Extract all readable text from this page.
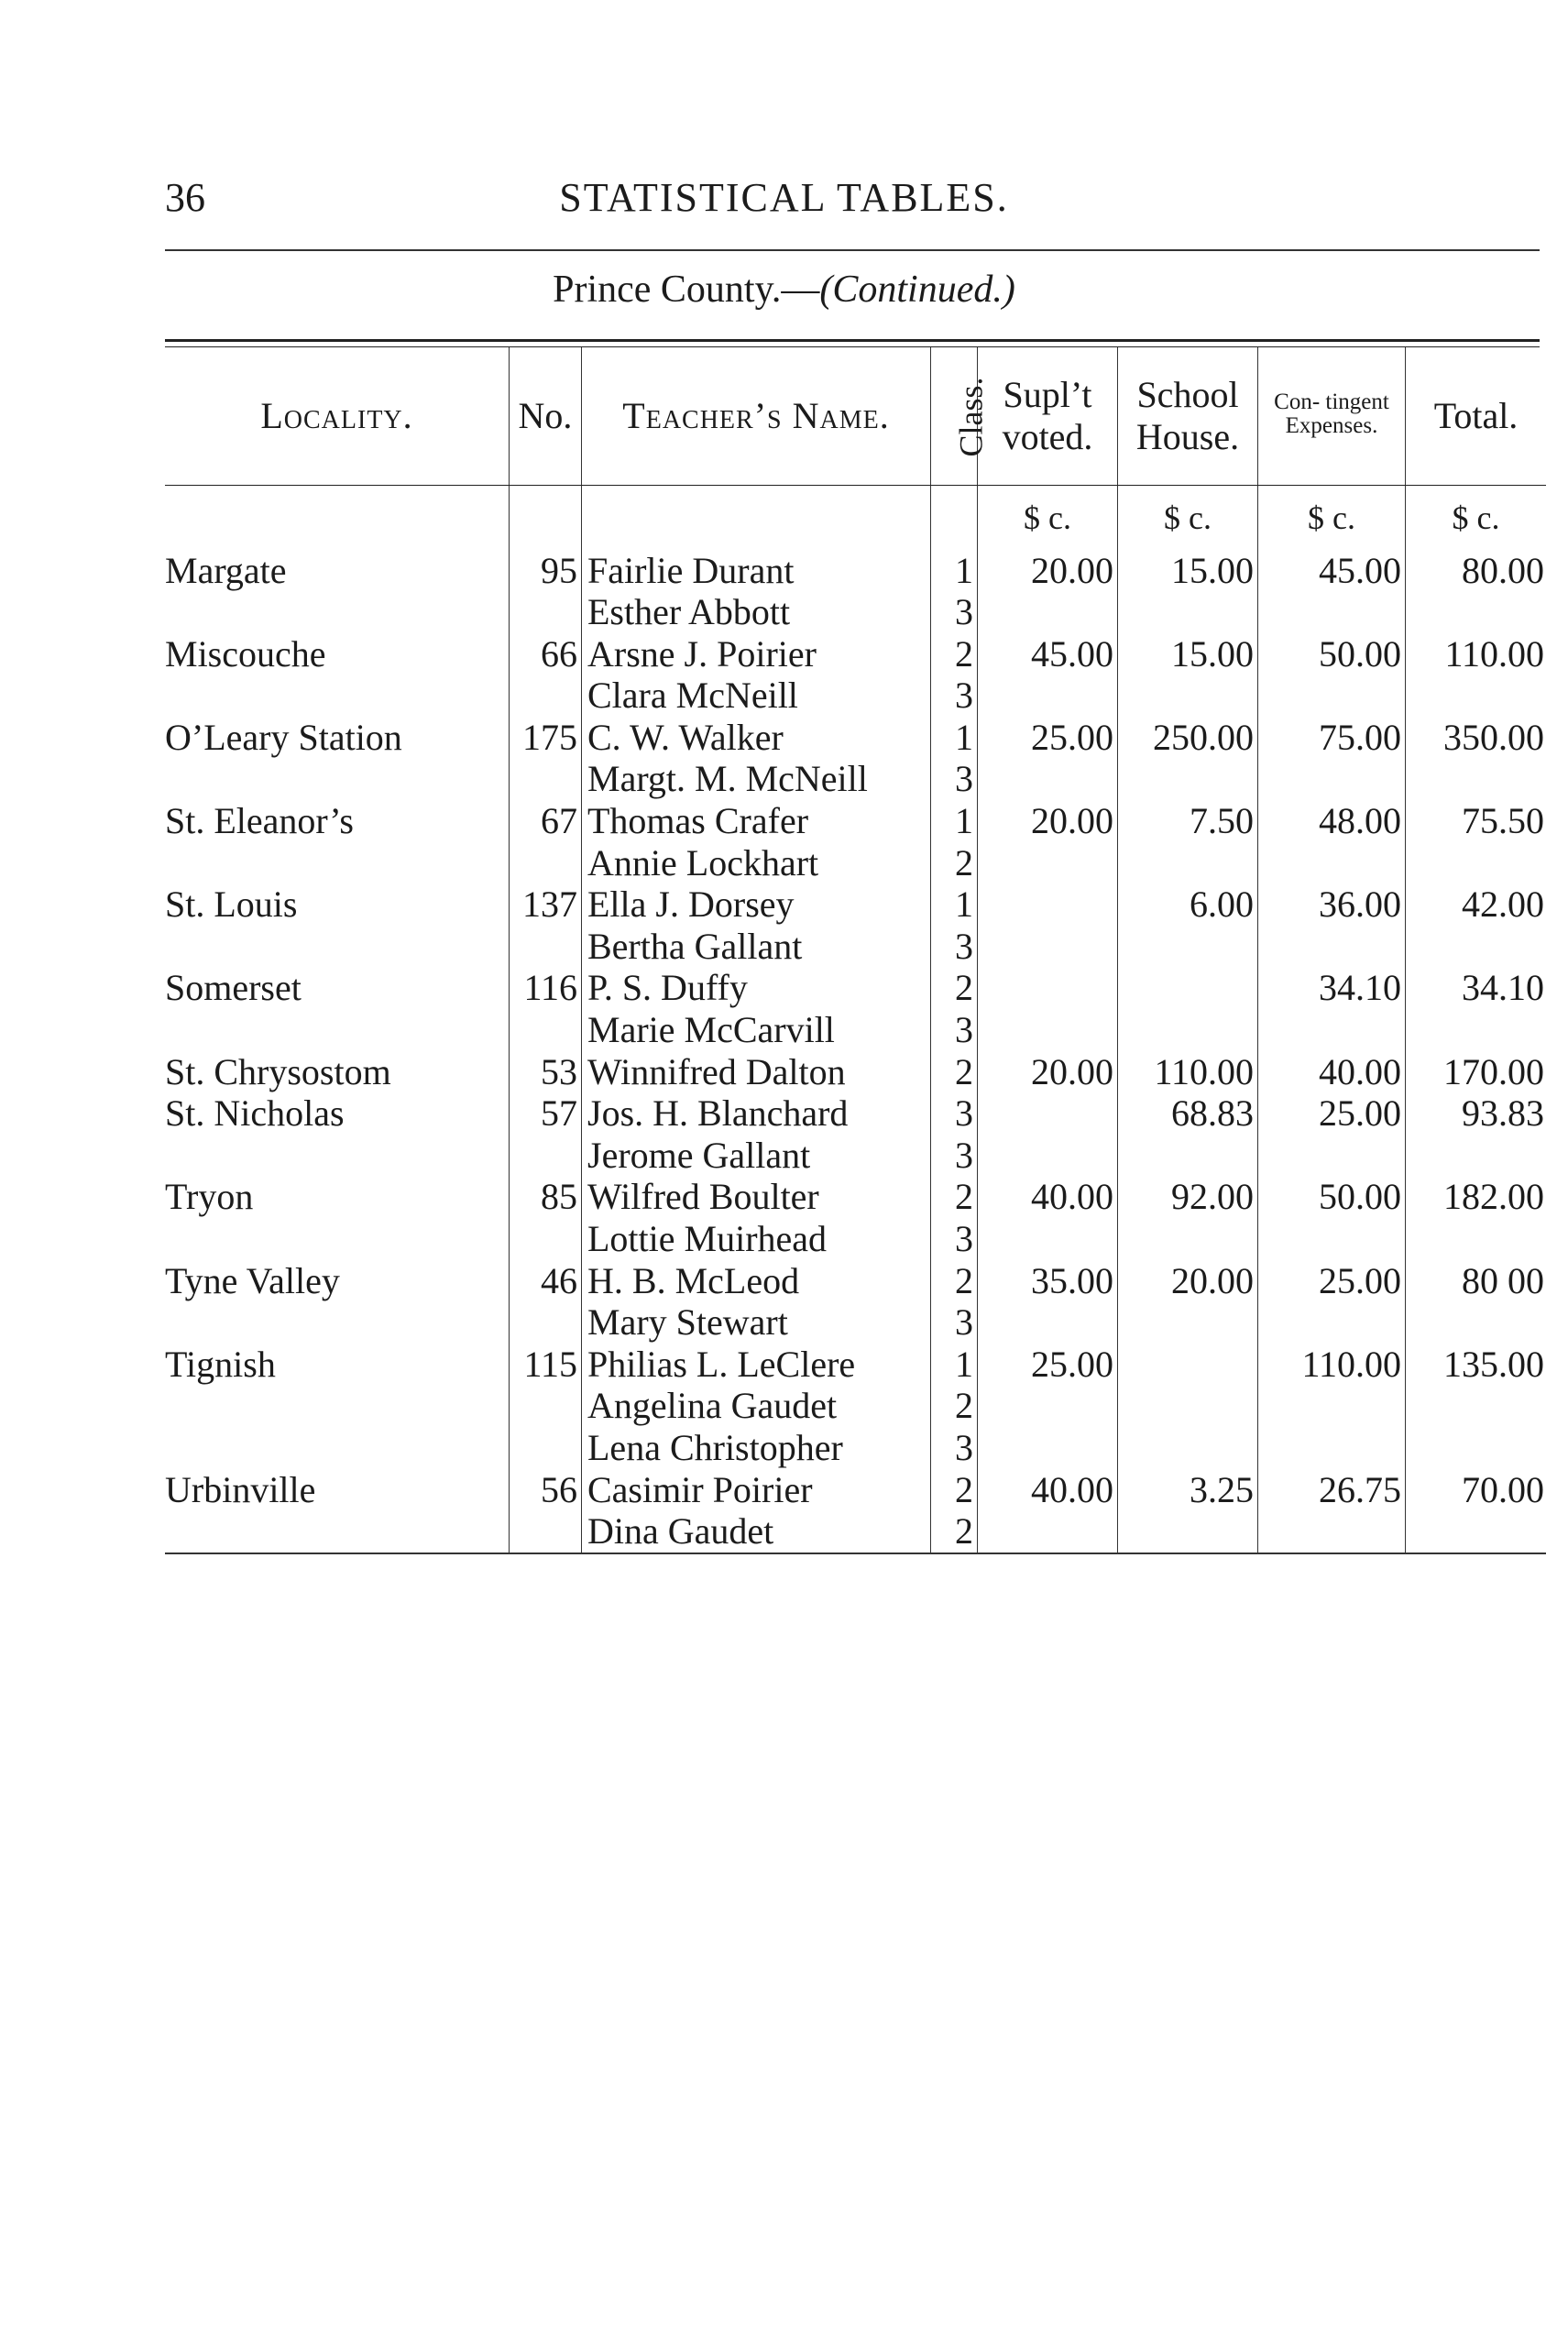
36	STATISTICAL TABLES.
Prince County.—(Continued.)
Locality.	No.	Teacher’s Name.	Class.	Supl’t voted.	School House.	Con- tingent Expenses.	Total.
				$ c.	$ c.	$ c.	$ c.
Margate	95	Fairlie Durant	1	20.00	15.00	45.00	80.00
		Esther Abbott	3				
Miscouche	66	Arsne J. Poirier	2	45.00	15.00	50.00	110.00
		Clara McNeill	3				
O’Leary Station	175	C. W. Walker	1	25.00	250.00	75.00	350.00
		Margt. M. McNeill	3				
St. Eleanor’s	67	Thomas Crafer	1	20.00	7.50	48.00	75.50
		Annie Lockhart	2				
St. Louis	137	Ella J. Dorsey	1		6.00	36.00	42.00
		Bertha Gallant	3				
Somerset	116	P. S. Duffy	2			34.10	34.10
		Marie McCarvill	3				
St. Chrysostom	53	Winnifred Dalton	2	20.00	110.00	40.00	170.00
St. Nicholas	57	Jos. H. Blanchard	3		68.83	25.00	93.83
		Jerome Gallant	3				
Tryon	85	Wilfred Boulter	2	40.00	92.00	50.00	182.00
		Lottie Muirhead	3				
Tyne Valley	46	H. B. McLeod	2	35.00	20.00	25.00	80 00
		Mary Stewart	3				
Tignish	115	Philias L. LeClere	1	25.00		110.00	135.00
		Angelina Gaudet	2				
		Lena Christopher	3				
Urbinville	56	Casimir Poirier	2	40.00	3.25	26.75	70.00
		Dina Gaudet	2				
